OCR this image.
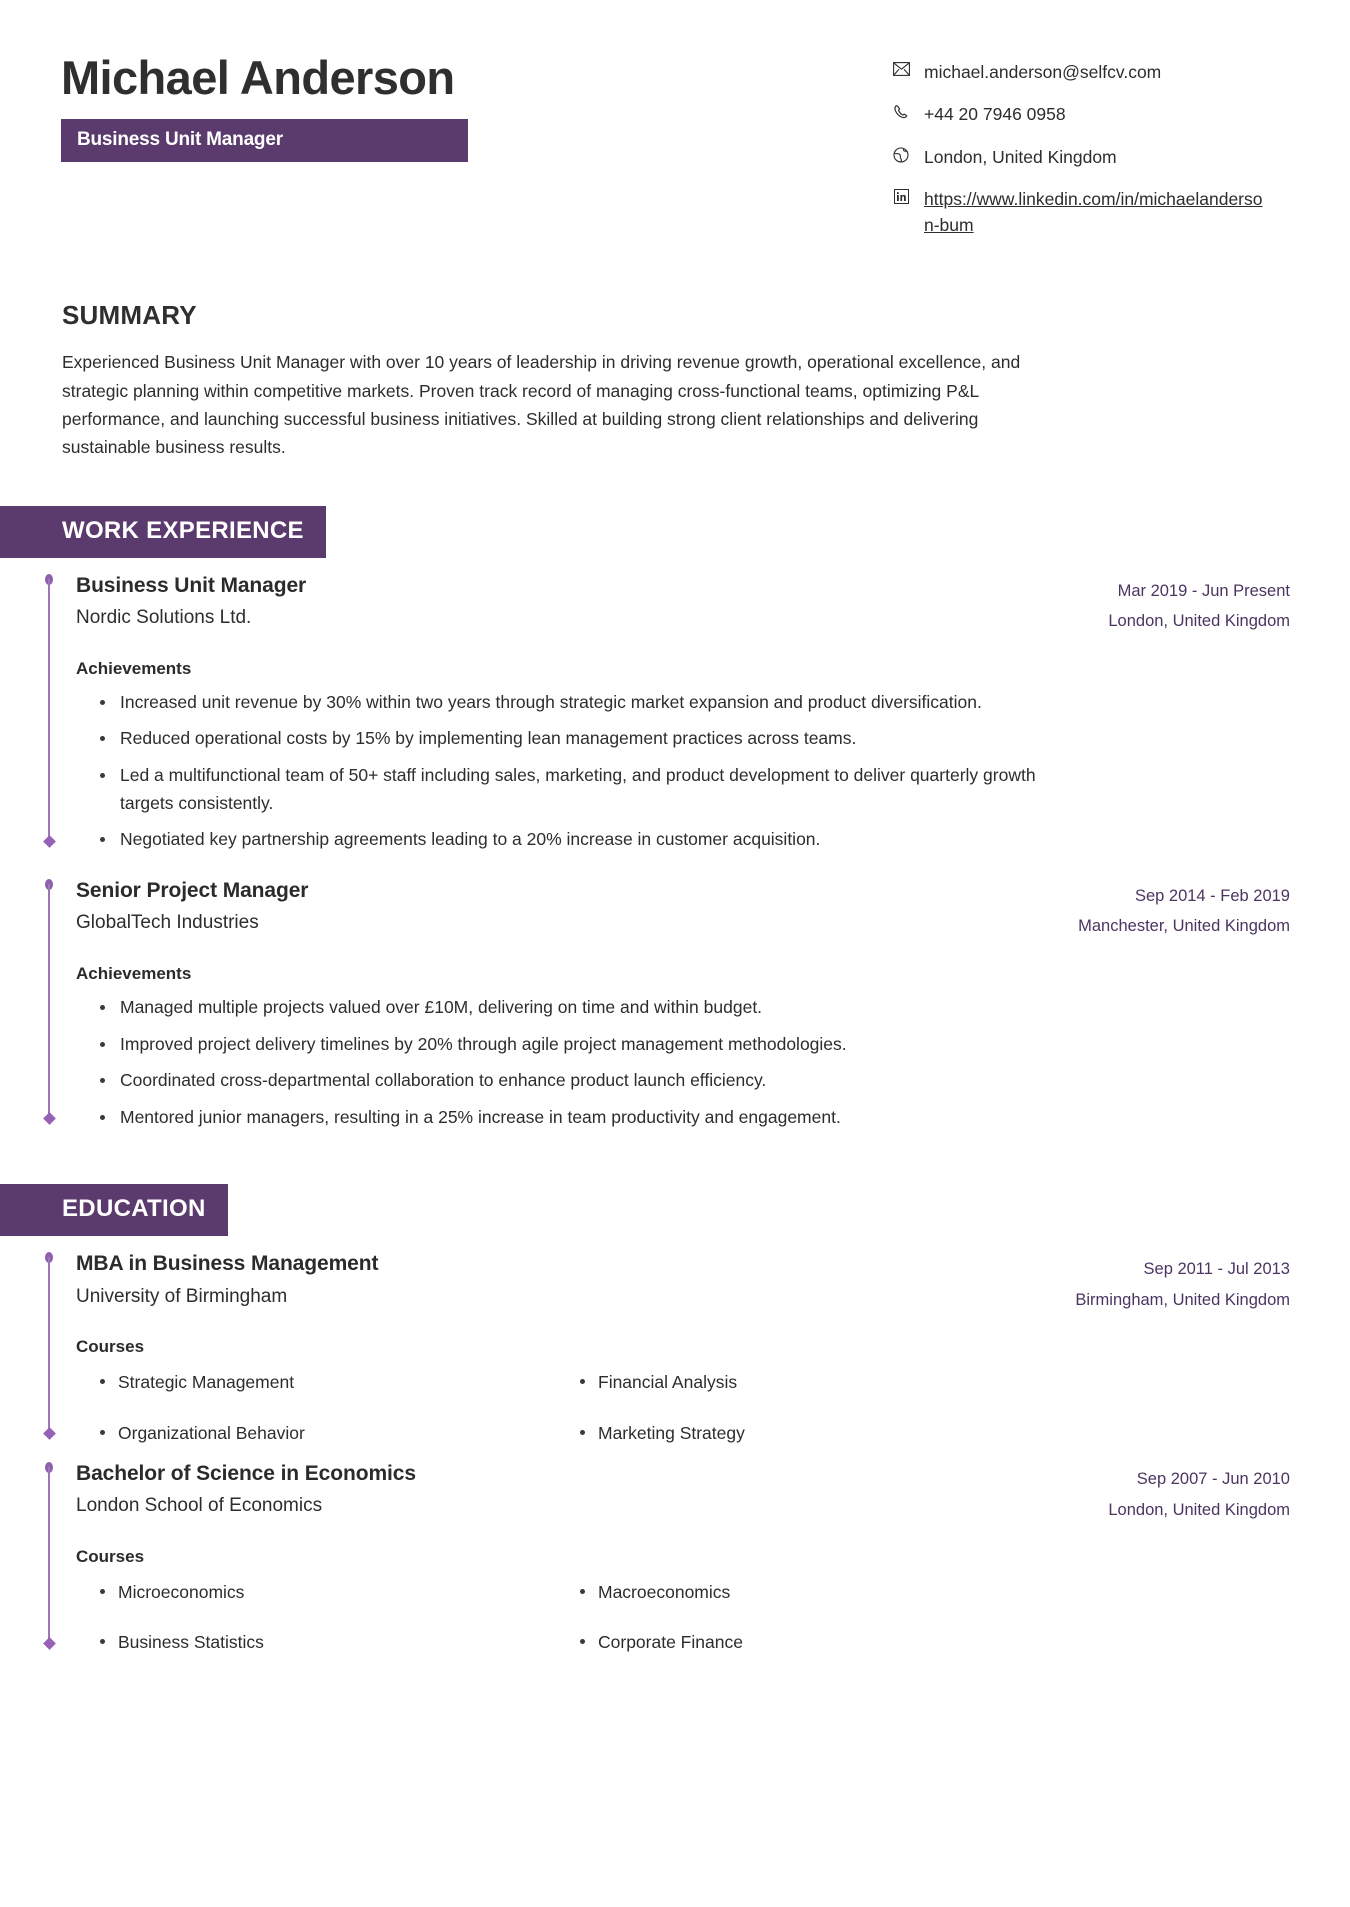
Michael Anderson
Business Unit Manager
michael.anderson@selfcv.com
+44 20 7946 0958
London, United Kingdom
https://www.linkedin.com/in/michaelanderson-bum
SUMMARY
Experienced Business Unit Manager with over 10 years of leadership in driving revenue growth, operational excellence, and strategic planning within competitive markets. Proven track record of managing cross-functional teams, optimizing P&L performance, and launching successful business initiatives. Skilled at building strong client relationships and delivering sustainable business results.
WORK EXPERIENCE
Business Unit Manager
Nordic Solutions Ltd.
Mar 2019 - Jun Present
London, United Kingdom
Achievements
Increased unit revenue by 30% within two years through strategic market expansion and product diversification.
Reduced operational costs by 15% by implementing lean management practices across teams.
Led a multifunctional team of 50+ staff including sales, marketing, and product development to deliver quarterly growth targets consistently.
Negotiated key partnership agreements leading to a 20% increase in customer acquisition.
Senior Project Manager
GlobalTech Industries
Sep 2014 - Feb 2019
Manchester, United Kingdom
Achievements
Managed multiple projects valued over £10M, delivering on time and within budget.
Improved project delivery timelines by 20% through agile project management methodologies.
Coordinated cross-departmental collaboration to enhance product launch efficiency.
Mentored junior managers, resulting in a 25% increase in team productivity and engagement.
EDUCATION
MBA in Business Management
University of Birmingham
Sep 2011 - Jul 2013
Birmingham, United Kingdom
Courses
Strategic Management	Financial Analysis
Organizational Behavior	Marketing Strategy
Bachelor of Science in Economics
London School of Economics
Sep 2007 - Jun 2010
London, United Kingdom
Courses
Microeconomics	Macroeconomics
Business Statistics	Corporate Finance
